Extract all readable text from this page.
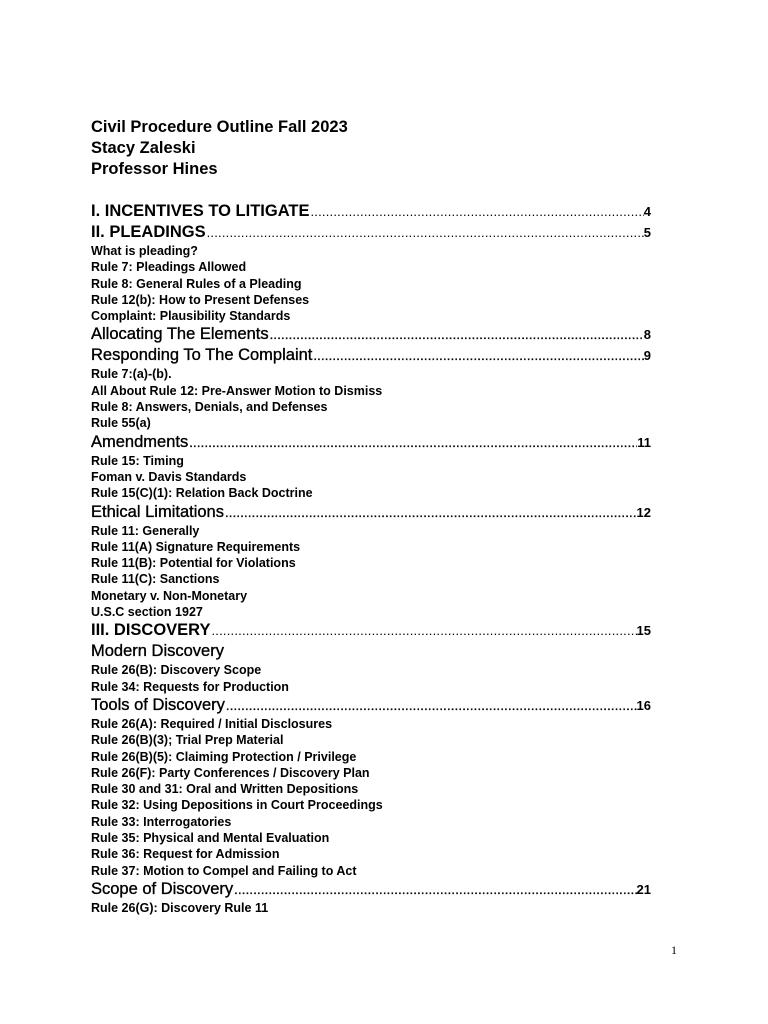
Civil Procedure Outline Fall 2023
Stacy Zaleski
Professor Hines
I. INCENTIVES TO LITIGATE .....	4
II. PLEADINGS .....	5
What is pleading?
Rule 7: Pleadings Allowed
Rule 8: General Rules of a Pleading
Rule 12(b): How to Present Defenses
Complaint: Plausibility Standards
Allocating The Elements .....	8
Responding To The Complaint .....	9
Rule 7:(a)-(b).
All About Rule 12: Pre-Answer Motion to Dismiss
Rule 8: Answers, Denials, and Defenses
Rule 55(a)
Amendments .....	11
Rule 15: Timing
Foman v. Davis Standards
Rule 15(C)(1): Relation Back Doctrine
Ethical Limitations .....	12
Rule 11: Generally
Rule 11(A) Signature Requirements
Rule 11(B): Potential for Violations
Rule 11(C): Sanctions
Monetary v. Non-Monetary
U.S.C section 1927
III. DISCOVERY .....	15
Modern Discovery
Rule 26(B): Discovery Scope
Rule 34: Requests for Production
Tools of Discovery .....	16
Rule 26(A): Required / Initial Disclosures
Rule 26(B)(3); Trial Prep Material
Rule 26(B)(5): Claiming Protection / Privilege
Rule 26(F): Party Conferences / Discovery Plan
Rule 30 and 31: Oral and Written Depositions
Rule 32: Using Depositions in Court Proceedings
Rule 33: Interrogatories
Rule 35: Physical and Mental Evaluation
Rule 36: Request for Admission
Rule 37: Motion to Compel and Failing to Act
Scope of Discovery .....	21
Rule 26(G): Discovery Rule 11
1
